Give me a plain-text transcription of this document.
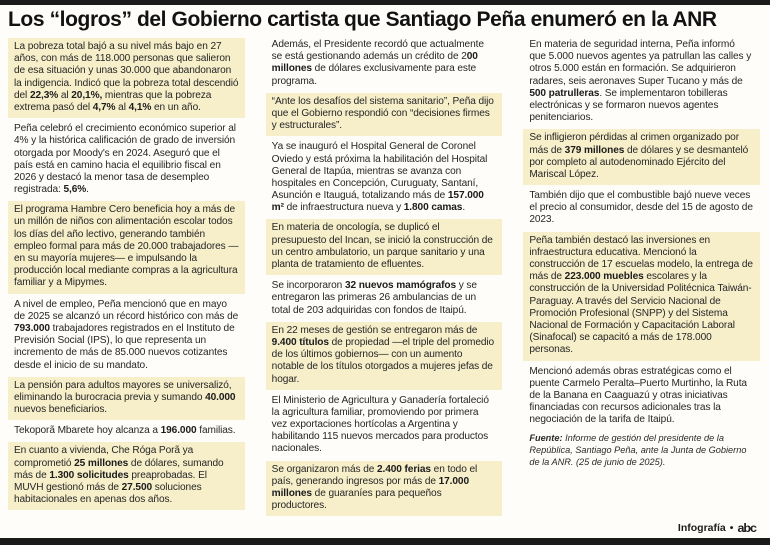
Los “logros” del Gobierno cartista que Santiago Peña enumeró en la ANR

La pobreza total bajó a su nivel más bajo en 27 años, con más de 118.000 personas que salieron de esa situación y unas 30.000 que abandonaron la indigencia. Indicó que la pobreza total descendió del 22,3% al 20,1%, mientras que la pobreza extrema pasó del 4,7% al 4,1% en un año.

Peña celebró el crecimiento económico superior al 4% y la histórica calificación de grado de inversión otorgada por Moody's en 2024. Aseguró que el país está en camino hacia el equilibrio fiscal en 2026 y destacó la menor tasa de desempleo registrada: 5,6%.

El programa Hambre Cero beneficia hoy a más de un millón de niños con alimentación escolar todos los días del año lectivo, generando también empleo formal para más de 20.000 trabajadores —en su mayoría mujeres— e impulsando la producción local mediante compras a la agricultura familiar y a Mipymes.

A nivel de empleo, Peña mencionó que en mayo de 2025 se alcanzó un récord histórico con más de 793.000 trabajadores registrados en el Instituto de Previsión Social (IPS), lo que representa un incremento de más de 85.000 nuevos cotizantes desde el inicio de su mandato.

La pensión para adultos mayores se universalizó, eliminando la burocracia previa y sumando 40.000 nuevos beneficiarios.

Tekoporã Mbarete hoy alcanza a 196.000 familias.

En cuanto a vivienda, Che Róga Porã ya comprometió 25 millones de dólares, sumando más de 1.300 solicitudes preaprobadas. El MUVH gestionó más de 27.500 soluciones habitacionales en apenas dos años.

Además, el Presidente recordó que actualmente se está gestionando además un crédito de 200 millones de dólares exclusivamente para este programa.

“Ante los desafíos del sistema sanitario”, Peña dijo que el Gobierno respondió con “decisiones firmes y estructurales”.

Ya se inauguró el Hospital General de Coronel Oviedo y está próxima la habilitación del Hospital General de Itapúa, mientras se avanza con hospitales en Concepción, Curuguaty, Santaní, Asunción e Itauguá, totalizando más de 157.000 m² de infraestructura nueva y 1.800 camas.

En materia de oncología, se duplicó el presupuesto del Incan, se inició la construcción de un centro ambulatorio, un parque sanitario y una planta de tratamiento de efluentes.

Se incorporaron 32 nuevos mamógrafos y se entregaron las primeras 26 ambulancias de un total de 203 adquiridas con fondos de Itaipú.

En 22 meses de gestión se entregaron más de 9.400 títulos de propiedad —el triple del promedio de los últimos gobiernos— con un aumento notable de los títulos otorgados a mujeres jefas de hogar.

El Ministerio de Agricultura y Ganadería fortaleció la agricultura familiar, promoviendo por primera vez exportaciones hortícolas a Argentina y habilitando 115 nuevos mercados para productos nacionales.

Se organizaron más de 2.400 ferias en todo el país, generando ingresos por más de 17.000 millones de guaraníes para pequeños productores.

En materia de seguridad interna, Peña informó que 5.000 nuevos agentes ya patrullan las calles y otros 5.000 están en formación. Se adquirieron radares, seis aeronaves Super Tucano y más de 500 patrulleras. Se implementaron tobilleras electrónicas y se formaron nuevos agentes penitenciarios.

Se infligieron pérdidas al crimen organizado por más de 379 millones de dólares y se desmanteló por completo al autodenominado Ejército del Mariscal López.

También dijo que el combustible bajó nueve veces el precio al consumidor, desde del 15 de agosto de 2023.

Peña también destacó las inversiones en infraestructura educativa. Mencionó la construcción de 17 escuelas modelo, la entrega de más de 223.000 muebles escolares y la construcción de la Universidad Politécnica Taiwán-Paraguay. A través del Servicio Nacional de Promoción Profesional (SNPP) y del Sistema Nacional de Formación y Capacitación Laboral (Sinafocal) se capacitó a más de 178.000 personas.

Mencionó además obras estratégicas como el puente Carmelo Peralta–Puerto Murtinho, la Ruta de la Banana en Caaguazú y otras iniciativas financiadas con recursos adicionales tras la negociación de la tarifa de Itaipú.

Fuente: Informe de gestión del presidente de la República, Santiago Peña, ante la Junta de Gobierno de la ANR. (25 de junio de 2025).
Infografía • abc
